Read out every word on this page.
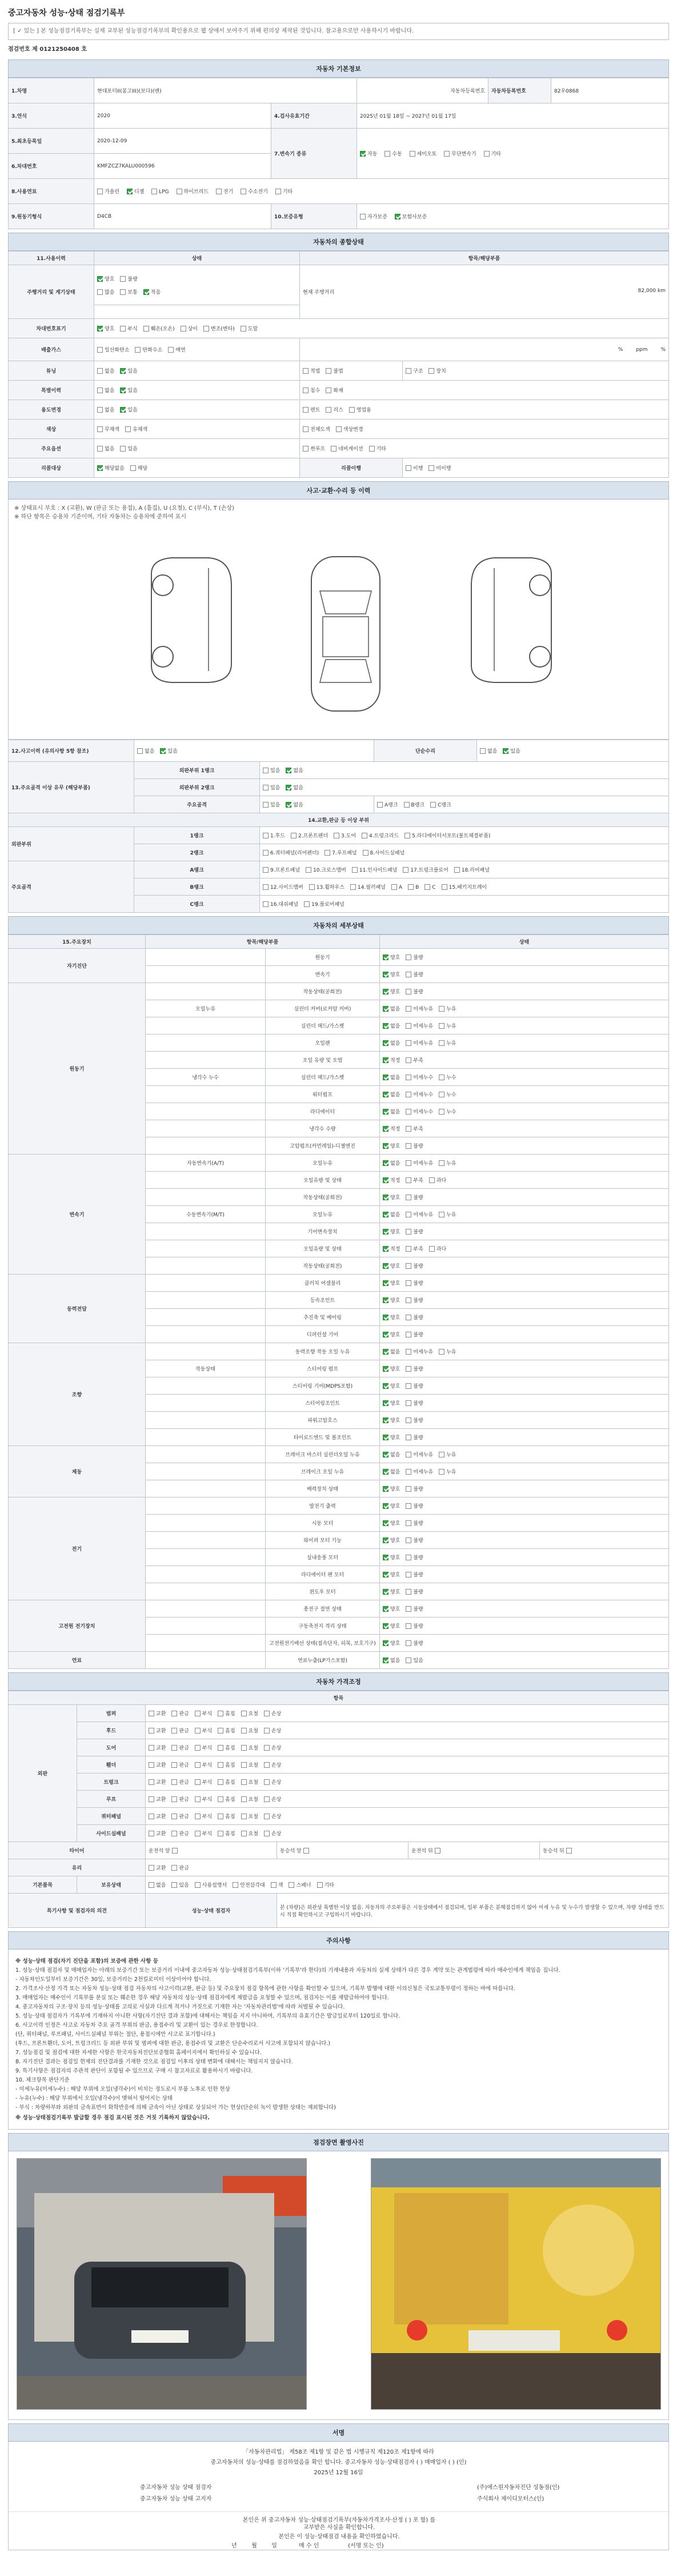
중고자동차 성능·상태 점검기록부
[ ✓ 있는 ] 본 성능점검기록부는 실제 교부된 성능점검기록부의 확인용으로 웹 상에서 보여주기 위해 편의상 제작된 것입니다. 참고용으로만 사용하시기 바랍니다.
점검번호 제 0121250408 호
자동차 기본정보
1.차명	현대포터II(봉고III)(보다)(밴)		자동차등록번호	자동차등록번호	82우0868
3.연식	2020	4.검사유효기간	2025년 01월 18일 ~ 2027년 01월 17일		
5.최초등록일	2020-12-09	7.변속기 종류	자동 수동 세미오토 무단변속기 기타		
6.차대번호	KMFZCZ7KALU000596				
8.사용연료	가솔린 디젤 LPG 하이브리드 전기 수소전기 기타				
9.원동기형식	D4CB	10.보증유형	자가보증 보험사보증		
자동차의 종합상태
11.사용이력	상태	항목/해당부품	
주행거리 및 계기상태	양호 불량

많음 보통 적음	현재 주행거리 82,000 km	

차대번호표기	양호 부식 훼손(오손) 상이 변조(변타) 도말		
배출가스	일산화탄소 탄화수소 매연	% ppm %	
튜닝	없음 있음	적법 불법	구조 장치
특별이력	없음 있음	침수 화재	
용도변경	없음 있음	렌트 리스 영업용	
색상	무채색 유채색	전체도색 색상변경	
주요옵션	없음 있음	썬루프 네비게이션 기타	
리콜대상	해당없음 해당	리콜이행	이행 미이행
사고·교환·수리 등 이력
※ 상태표시 부호 : X (교환), W (판금 또는 용접), A (흠집), U (요철), C (부식), T (손상)
※ 하단 항목은 승용차 기준이며, 기타 자동차는 승용차에 준하여 표시
12.사고이력 (유의사항 5항 참조)	없음 있음		단순수리	없음 있음
13.주요골격 이상 유무 (해당부품)	외판부위 1랭크	있음 없음		
	외판부위 2랭크	있음 없음		
	주요골격	있음 없음	A랭크 B랭크 C랭크	
14.교환,판금 등 이상 부위				
외판부위	1랭크	1.후드 2.프론트펜더 3.도어 4.트렁크리드 5.라디에이터서포트(볼트체결부품)		
	2랭크	6.쿼터패널(리어펜더) 7.루프패널 8.사이드실패널		
주요골격	A랭크	9.프론트패널 10.크로스멤버 11.인사이드패널 17.트렁크플로어 18.리어패널		
	B랭크	12.사이드멤버 13.휠하우스 14.필러패널 A B C 15.패키지트레이		
	C랭크	16.대쉬패널 19.플로어패널		
자동차의 세부상태
15.주요장치	항목/해당부품		상태
자기진단		원동기	양호 불량
		변속기	양호 불량
원동기		작동상태(공회전)	양호 불량
	오일누유	실린더 커버(로커암 커버)	없음 미세누유 누유
		실린더 헤드/가스켓	없음 미세누유 누유
		오일팬	없음 미세누유 누유
		오일 유량 및 오염	적정 부족
	냉각수 누수	실린더 헤드/가스켓	없음 미세누수 누수
		워터펌프	없음 미세누수 누수
		라디에이터	없음 미세누수 누수
		냉각수 수량	적정 부족
		고압펌프(커먼레일)-디젤엔진	양호 불량
변속기	자동변속기(A/T)	오일누유	없음 미세누유 누유
		오일유량 및 상태	적정 부족 과다
		작동상태(공회전)	양호 불량
	수동변속기(M/T)	오일누유	없음 미세누유 누유
		기어변속장치	양호 불량
		오일유량 및 상태	적정 부족 과다
		작동상태(공회전)	양호 불량
동력전달		클러치 어셈블리	양호 불량
		등속조인트	양호 불량
		추진축 및 베어링	양호 불량
		디퍼런셜 기어	양호 불량
조향		동력조향 작동 오일 누유	없음 미세누유 누유
	작동상태	스티어링 펌프	양호 불량
		스티어링 기어(MDPS포함)	양호 불량
		스티어링조인트	양호 불량
		파워고압호스	양호 불량
		타이로드엔드 및 볼조인트	양호 불량
제동		브레이크 마스터 실린더오일 누유	없음 미세누유 누유
		브레이크 오일 누유	없음 미세누유 누유
		배력장치 상태	양호 불량
전기		발전기 출력	양호 불량
		시동 모터	양호 불량
		와이퍼 모터 기능	양호 불량
		실내송풍 모터	양호 불량
		라디에이터 팬 모터	양호 불량
		윈도우 모터	양호 불량
고전원 전기장치		충전구 절연 상태	양호 불량
		구동축전지 격리 상태	양호 불량
		고전원전기배선 상태(접속단자, 피복, 보호기구)	양호 불량
연료		연료누출(LP가스포함)	없음 있음
자동차 가격조정
항목					
외판	범퍼	교환 판금 부식 흠집 요철 손상			
	후드	교환 판금 부식 흠집 요철 손상			
	도어	교환 판금 부식 흠집 요철 손상			
	휀더	교환 판금 부식 흠집 요철 손상			
	트렁크	교환 판금 부식 흠집 요철 손상			
	루프	교환 판금 부식 흠집 요철 손상			
	쿼터패널	교환 판금 부식 흠집 요철 손상			
	사이드실패널	교환 판금 부식 흠집 요철 손상			
타이어		운전석 앞	동승석 앞	운전석 뒤	동승석 뒤
유리		교환 판금			
기본품목	보유상태	없음 있음 사용설명서 안전삼각대 잭 스패너 기타			
특기사항 및 점검자의 의견		성능·상태 점검자	본 (차량)은 외관상 특별한 이상 없음. 자동차의 주요부품은 시동상태에서 점검되며, 일부 부품은 분해점검하지 않아 미세 누유 및 누수가 발생할 수 있으며, 차량 상태를 반드시 직접 확인하시고 구입하시기 바랍니다.		
주의사항

※ 성능·상태 점검(자기 진단을 포함)의 보증에 관한 사항 등

1. 성능·상태 점검자 및 매매업자는 아래의 보증기간 또는 보증거리 이내에 중고자동차 성능·상태점검기록부(이하 '기록부'라 한다)의 기재내용과 자동차의 실제 상태가 다른 경우 계약 또는 관계법령에 따라 매수인에게 책임을 집니다.

- 자동차인도일부터 보증기간은 30일, 보증거리는 2천킬로미터 이상이어야 합니다.

2. 가격조사·산정 가격 또는 자동차 성능·상태 점검 자동차의 사고이력(교환, 판금 등) 및 주요장치 점검 항목에 관한 사항을 확인할 수 있으며, 기록부 발행에 대한 이의신청은 국토교통부령이 정하는 바에 따릅니다.

3. 매매업자는 매수인이 기록부를 분실 또는 훼손한 경우 해당 자동차의 성능·상태 점검자에게 재발급을 요청할 수 있으며, 점검자는 이를 재발급하여야 합니다.

4. 중고자동차의 구조·장치 등의 성능·상태를 고의로 사실과 다르게 적거나 거짓으로 기재한 자는 '자동차관리법'에 따라 처벌될 수 있습니다.

5. 성능·상태 점검자가 기록부에 기재하지 아니한 사항(자기진단 결과 포함)에 대해서는 책임을 지지 아니하며, 기록부의 유효기간은 발급일로부터 120일로 합니다.

6. 사고이력 인정은 사고로 자동차 주요 골격 부위의 판금, 용접수리 및 교환이 있는 경우로 한정합니다.

(단, 쿼터패널, 루프패널, 사이드실패널 부위는 절단, 용접시에만 사고로 표기합니다.)

(후드, 프론트휀더, 도어, 트렁크리드 등 외판 부위 및 범퍼에 대한 판금, 용접수리 및 교환은 단순수리로서 사고에 포함되지 않습니다.)

7. 성능점검 및 점검에 대한 자세한 사항은 한국자동차진단보증협회 홈페이지에서 확인하실 수 있습니다.

8. 자기진단 결과는 점검일 현재의 진단결과를 기재한 것으로 점검일 이후의 상태 변화에 대해서는 책임지지 않습니다.

9. 특기사항은 점검자의 주관적 판단이 포함될 수 있으므로 구매 시 참고자료로 활용하시기 바랍니다.

10. 체크항목 판단기준

- 미세누유(미세누수) : 해당 부위에 오일(냉각수)이 비치는 정도로서 부품 노후로 인한 현상

- 누유(누수) : 해당 부위에서 오일(냉각수)이 맺혀서 떨어지는 상태

- 부식 : 차량하부와 외판의 금속표면이 화학반응에 의해 금속이 아닌 상태로 상실되어 가는 현상(단순히 녹이 발생한 상태는 제외합니다)

※ 성능·상태점검기록부 발급할 경우 점검 표시된 것은 거짓 기록하지 않았습니다.

점검장면 촬영사진
서명
「자동차관리법」 제58조 제1항 및 같은 법 시행규칙 제120조 제1항에 따라
중고자동차의 성능·상태를 점검하였음을 확인 합니다. 중고자동차 성능·상태점검자 ( ) 매매업자 ( ) (인)
2025년 12월 16일
중고자동차 성능 상태 점검자	(주)에스원자동차진단 성동점(인)
중고자동차 성능 상태 고지자	주식회사 제이디모터스(인)
본인은 위 중고자동차 성능·상태점검기록부(자동차가격조사·산정 ( ) 포 함) 를
교부받은 사실을 확인합니다.
본인은 이 성능·상태점검 내용을 확인하였습니다.
년	월	일	매 수 인	(서명 또는 인)
